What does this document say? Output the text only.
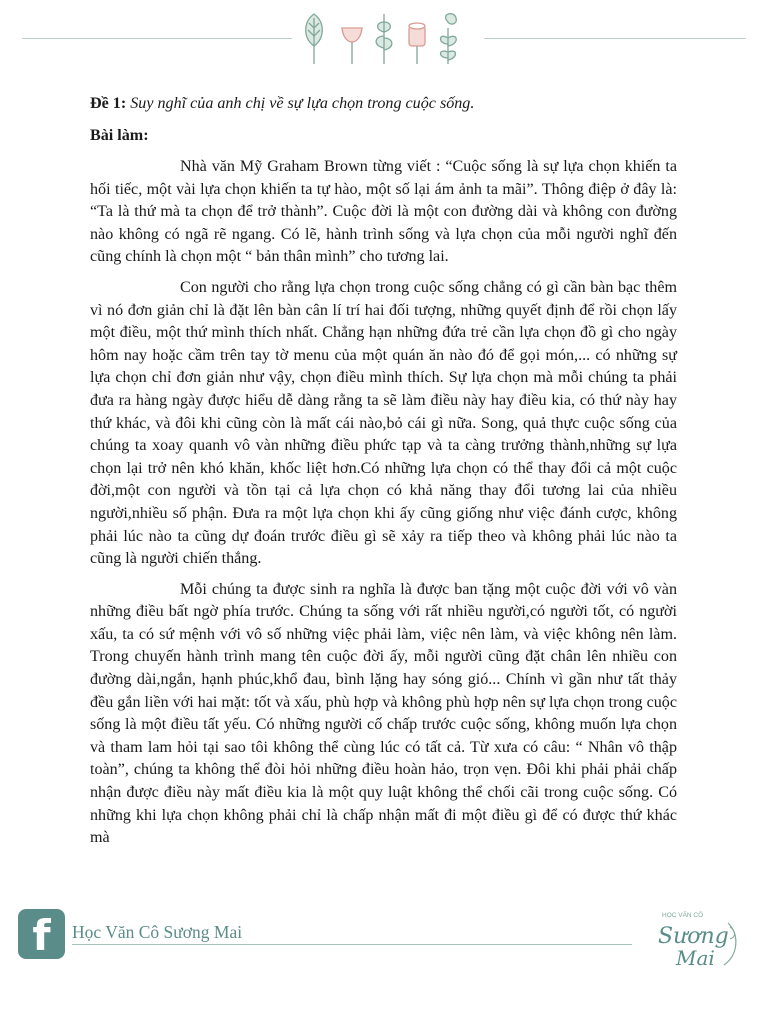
Đề 1: Suy nghĩ của anh chị về sự lựa chọn trong cuộc sống.

Bài làm:

Nhà văn Mỹ Graham Brown từng viết : “Cuộc sống là sự lựa chọn khiến ta hối tiếc, một vài lựa chọn khiến ta tự hào, một số lại ám ảnh ta mãi”. Thông điệp ở đây là: “Ta là thứ mà ta chọn để trở thành”. Cuộc đời là một con đường dài và không con đường nào không có ngã rẽ ngang. Có lẽ, hành trình sống và lựa chọn của mỗi người nghĩ đến cũng chính là chọn một “ bản thân mình” cho tương lai.

Con người cho rằng lựa chọn trong cuộc sống chẳng có gì cần bàn bạc thêm vì nó đơn giản chỉ là đặt lên bàn cân lí trí hai đối tượng, những quyết định để rồi chọn lấy một điều, một thứ mình thích nhất. Chẳng hạn những đứa trẻ cần lựa chọn đồ gì cho ngày hôm nay hoặc cầm trên tay tờ menu của một quán ăn nào đó để gọi món,... có những sự lựa chọn chỉ đơn giản như vậy, chọn điều mình thích. Sự lựa chọn mà mỗi chúng ta phải đưa ra hàng ngày được hiểu dễ dàng rằng ta sẽ làm điều này hay điều kia, có thứ này hay thứ khác, và đôi khi cũng còn là mất cái nào,bỏ cái gì nữa. Song, quả thực cuộc sống của chúng ta xoay quanh vô vàn những điều phức tạp và ta càng trưởng thành,những sự lựa chọn lại trở nên khó khăn, khốc liệt hơn.Có những lựa chọn có thể thay đổi cả một cuộc đời,một con người và tồn tại cả lựa chọn có khả năng thay đổi tương lai của nhiều người,nhiều số phận. Đưa ra một lựa chọn khi ấy cũng giống như việc đánh cược, không phải lúc nào ta cũng dự đoán trước điều gì sẽ xảy ra tiếp theo và không phải lúc nào ta cũng là người chiến thắng.

Mỗi chúng ta được sinh ra nghĩa là được ban tặng một cuộc đời với vô vàn những điều bất ngờ phía trước. Chúng ta sống với rất nhiều người,có người tốt, có người xấu, ta có sứ mệnh với vô số những việc phải làm, việc nên làm, và việc không nên làm. Trong chuyến hành trình mang tên cuộc đời ấy, mỗi người cũng đặt chân lên nhiều con đường dài,ngắn, hạnh phúc,khổ đau, bình lặng hay sóng gió... Chính vì gần như tất thảy đều gắn liền với hai mặt: tốt và xấu, phù hợp và không phù hợp nên sự lựa chọn trong cuộc sống là một điều tất yếu. Có những người cố chấp trước cuộc sống, không muốn lựa chọn và tham lam hỏi tại sao tôi không thể cùng lúc có tất cả. Từ xưa có câu: “ Nhân vô thập toàn”, chúng ta không thể đòi hỏi những điều hoàn hảo, trọn vẹn. Đôi khi phải phải chấp nhận được điều này mất điều kia là một quy luật không thể chối cãi trong cuộc sống. Có những khi lựa chọn không phải chỉ là chấp nhận mất đi một điều gì để có được thứ khác mà

f	Học Văn Cô Sương Mai
HỌC VĂN CÔ
Sương
Mai
